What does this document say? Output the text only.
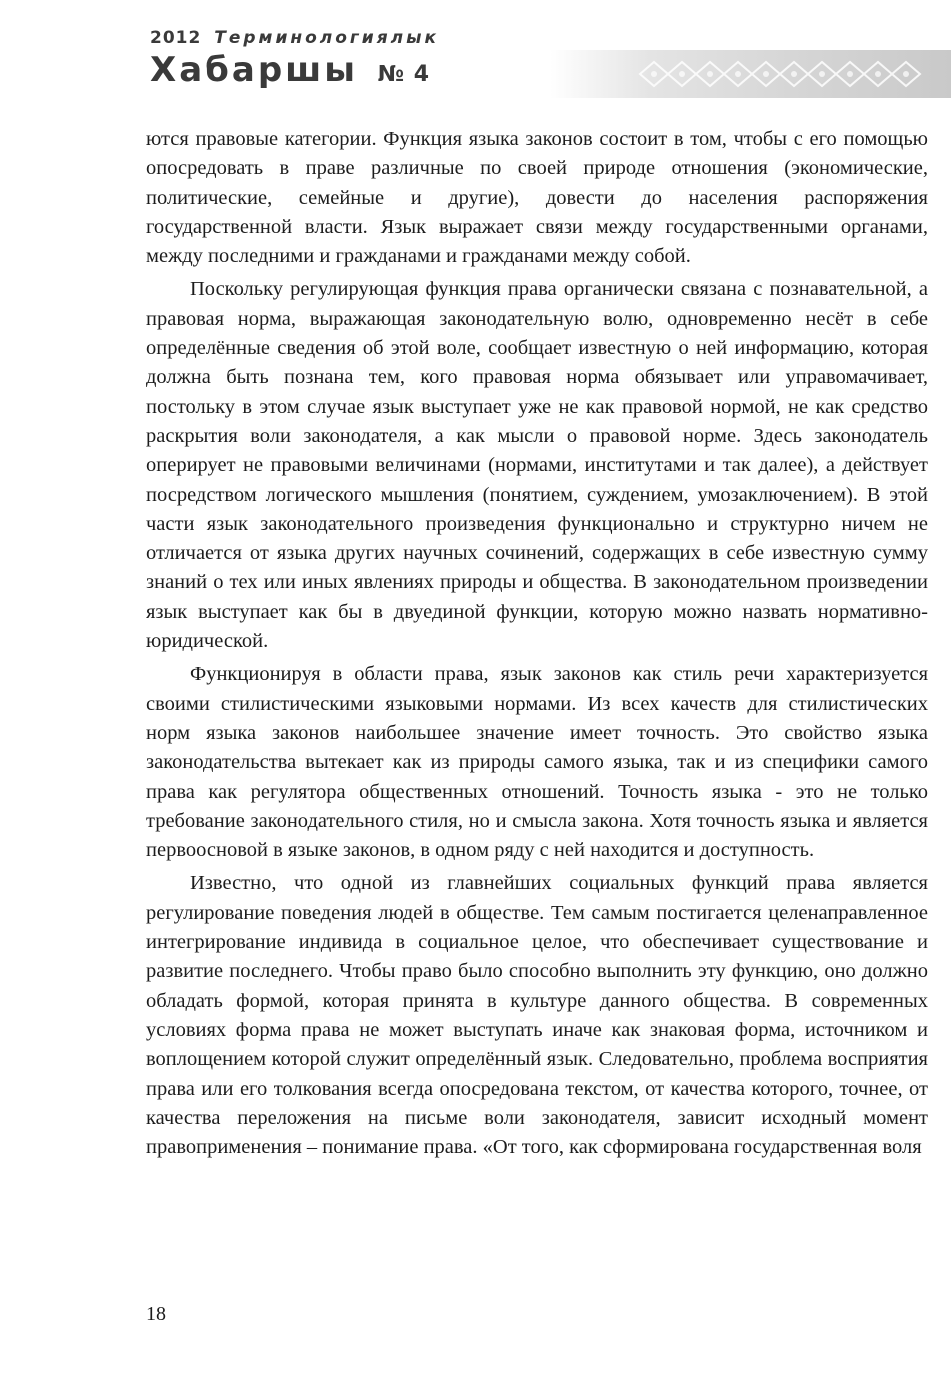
2012 Терминологиялык
Хабаршы № 4

ются правовые категории. Функция языка законов состоит в том, чтобы с его помощью опосредовать в праве различные по своей природе отношения (экономические, политические, семейные и другие), довести до населения распоряжения государственной власти. Язык выражает связи между государственными органами, между последними и гражданами и гражданами между собой.

Поскольку регулирующая функция права органически связана с познавательной, а правовая норма, выражающая законодательную волю, одновременно несёт в себе определённые сведения об этой воле, сообщает известную о ней информацию, которая должна быть познана тем, кого правовая норма обязывает или управомачивает, постольку в этом случае язык выступает уже не как правовой нормой, не как средство раскрытия воли законодателя, а как мысли о правовой норме. Здесь законодатель оперирует не правовыми величинами (нормами, институтами и так далее), а действует посредством логического мышления (понятием, суждением, умозаключением). В этой части язык законодательного произведения функционально и структурно ничем не отличается от языка других научных сочинений, содержащих в себе известную сумму знаний о тех или иных явлениях природы и общества. В законодательном произведении язык выступает как бы в двуединой функции, которую можно назвать нормативно-юридической.

Функционируя в области права, язык законов как стиль речи характеризуется своими стилистическими языковыми нормами. Из всех качеств для стилистических норм языка законов наибольшее значение имеет точность. Это свойство языка законодательства вытекает как из природы самого языка, так и из специфики самого права как регулятора общественных отношений. Точность языка - это не только требование законодательного стиля, но и смысла закона. Хотя точность языка и является первоосновой в языке законов, в одном ряду с ней находится и доступность.

Известно, что одной из главнейших социальных функций права является регулирование поведения людей в обществе. Тем самым постигается целенаправленное интегрирование индивида в социальное целое, что обеспечивает существование и развитие последнего. Чтобы право было способно выполнить эту функцию, оно должно обладать формой, которая принята в культуре данного общества. В современных условиях форма права не может выступать иначе как знаковая форма, источником и воплощением которой служит определённый язык. Следовательно, проблема восприятия права или его толкования всегда опосредована текстом, от качества которого, точнее, от качества переложения на письме воли законодателя, зависит исходный момент правоприменения – понимание права. «От того, как сформирована государственная воля

18
